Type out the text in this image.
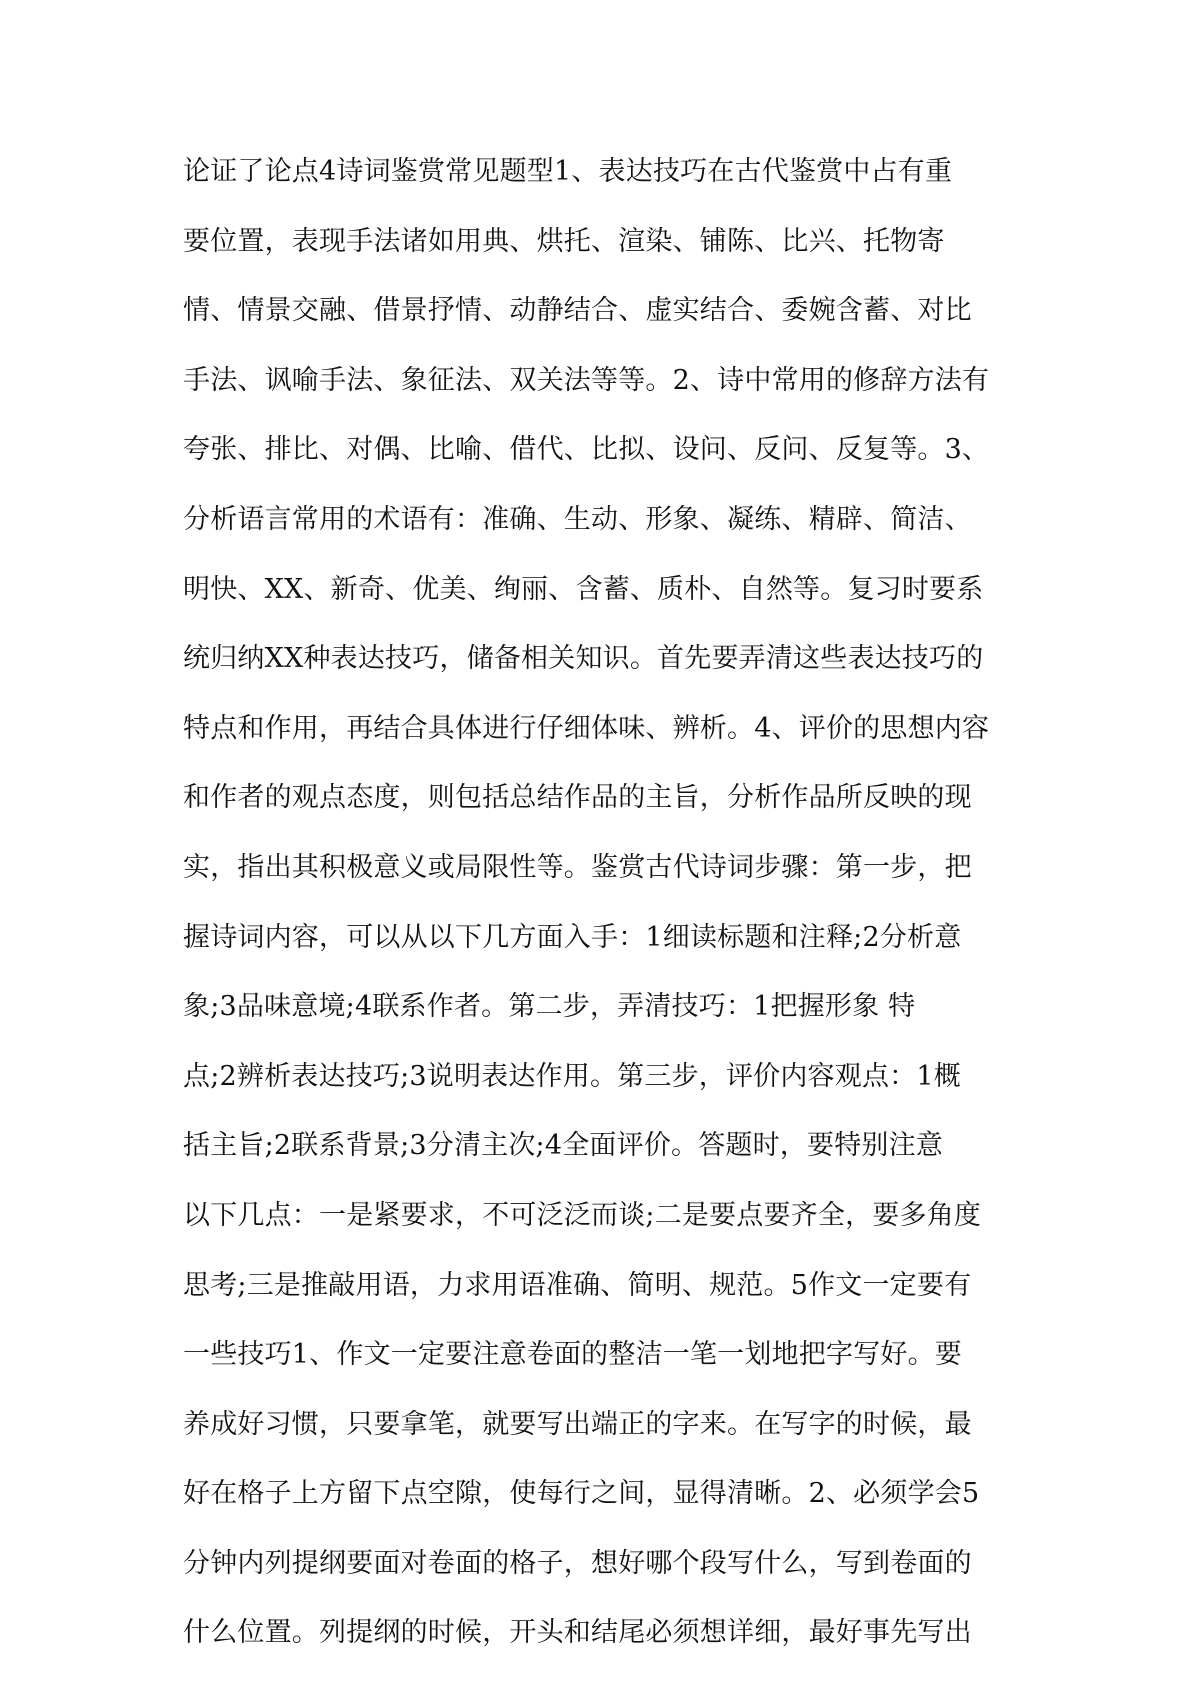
论证了论点4诗词鉴赏常见题型1、表达技巧在古代鉴赏中占有重
要位置，表现手法诸如用典、烘托、渲染、铺陈、比兴、托物寄
情、情景交融、借景抒情、动静结合、虚实结合、委婉含蓄、对比
手法、讽喻手法、象征法、双关法等等。2、诗中常用的修辞方法有
夸张、排比、对偶、比喻、借代、比拟、设问、反问、反复等。3、
分析语言常用的术语有：准确、生动、形象、凝练、精辟、简洁、
明快、XX、新奇、优美、绚丽、含蓄、质朴、自然等。复习时要系
统归纳XX种表达技巧，储备相关知识。首先要弄清这些表达技巧的
特点和作用，再结合具体进行仔细体味、辨析。4、评价的思想内容
和作者的观点态度，则包括总结作品的主旨，分析作品所反映的现
实，指出其积极意义或局限性等。鉴赏古代诗词步骤：第一步，把
握诗词内容，可以从以下几方面入手：1细读标题和注释;2分析意
象;3品味意境;4联系作者。第二步，弄清技巧：1把握形象 特
点;2辨析表达技巧;3说明表达作用。第三步，评价内容观点：1概
括主旨;2联系背景;3分清主次;4全面评价。答题时，要特别注意
以下几点：一是紧要求，不可泛泛而谈;二是要点要齐全，要多角度
思考;三是推敲用语，力求用语准确、简明、规范。5作文一定要有
一些技巧1、作文一定要注意卷面的整洁一笔一划地把字写好。要
养成好习惯，只要拿笔，就要写出端正的字来。在写字的时候，最
好在格子上方留下点空隙，使每行之间，显得清晰。2、必须学会5
分钟内列提纲要面对卷面的格子，想好哪个段写什么，写到卷面的
什么位置。列提纲的时候，开头和结尾必须想详细，最好事先写出
